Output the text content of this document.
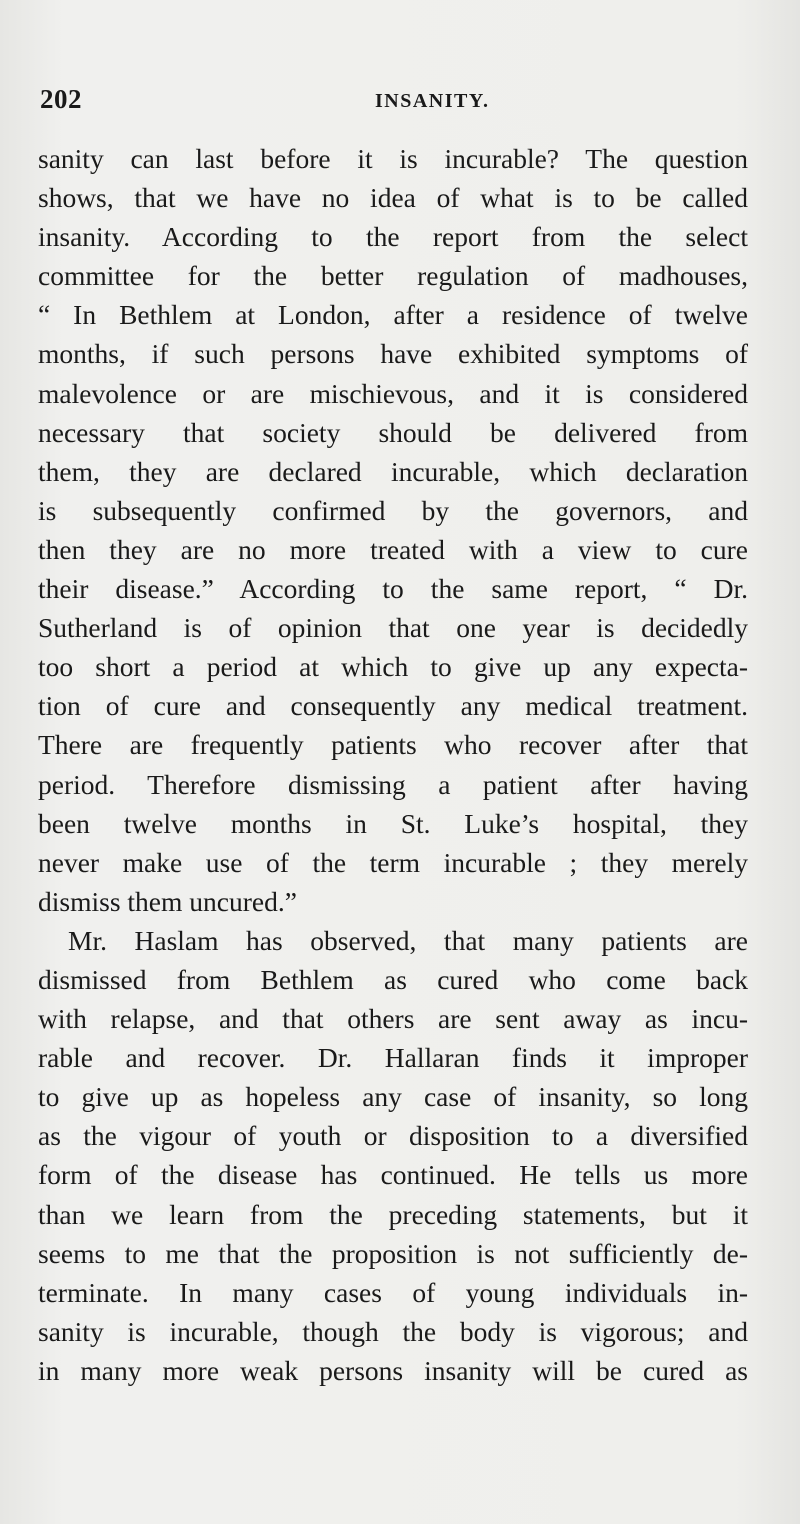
202	INSANITY.
sanity can last before it is incurable? The question
shows, that we have no idea of what is to be called
insanity. According to the report from the select
committee for the better regulation of madhouses,
“ In Bethlem at London, after a residence of twelve
months, if such persons have exhibited symptoms of
malevolence or are mischievous, and it is considered
necessary that society should be delivered from
them, they are declared incurable, which declaration
is subsequently confirmed by the governors, and
then they are no more treated with a view to cure
their disease.” According to the same report, “ Dr.
Sutherland is of opinion that one year is decidedly
too short a period at which to give up any expecta-
tion of cure and consequently any medical treatment.
There are frequently patients who recover after that
period. Therefore dismissing a patient after having
been twelve months in St. Luke’s hospital, they
never make use of the term incurable ; they merely
dismiss them uncured.”
Mr. Haslam has observed, that many patients are
dismissed from Bethlem as cured who come back
with relapse, and that others are sent away as incu-
rable and recover. Dr. Hallaran finds it improper
to give up as hopeless any case of insanity, so long
as the vigour of youth or disposition to a diversified
form of the disease has continued. He tells us more
than we learn from the preceding statements, but it
seems to me that the proposition is not sufficiently de-
terminate. In many cases of young individuals in-
sanity is incurable, though the body is vigorous; and
in many more weak persons insanity will be cured as
